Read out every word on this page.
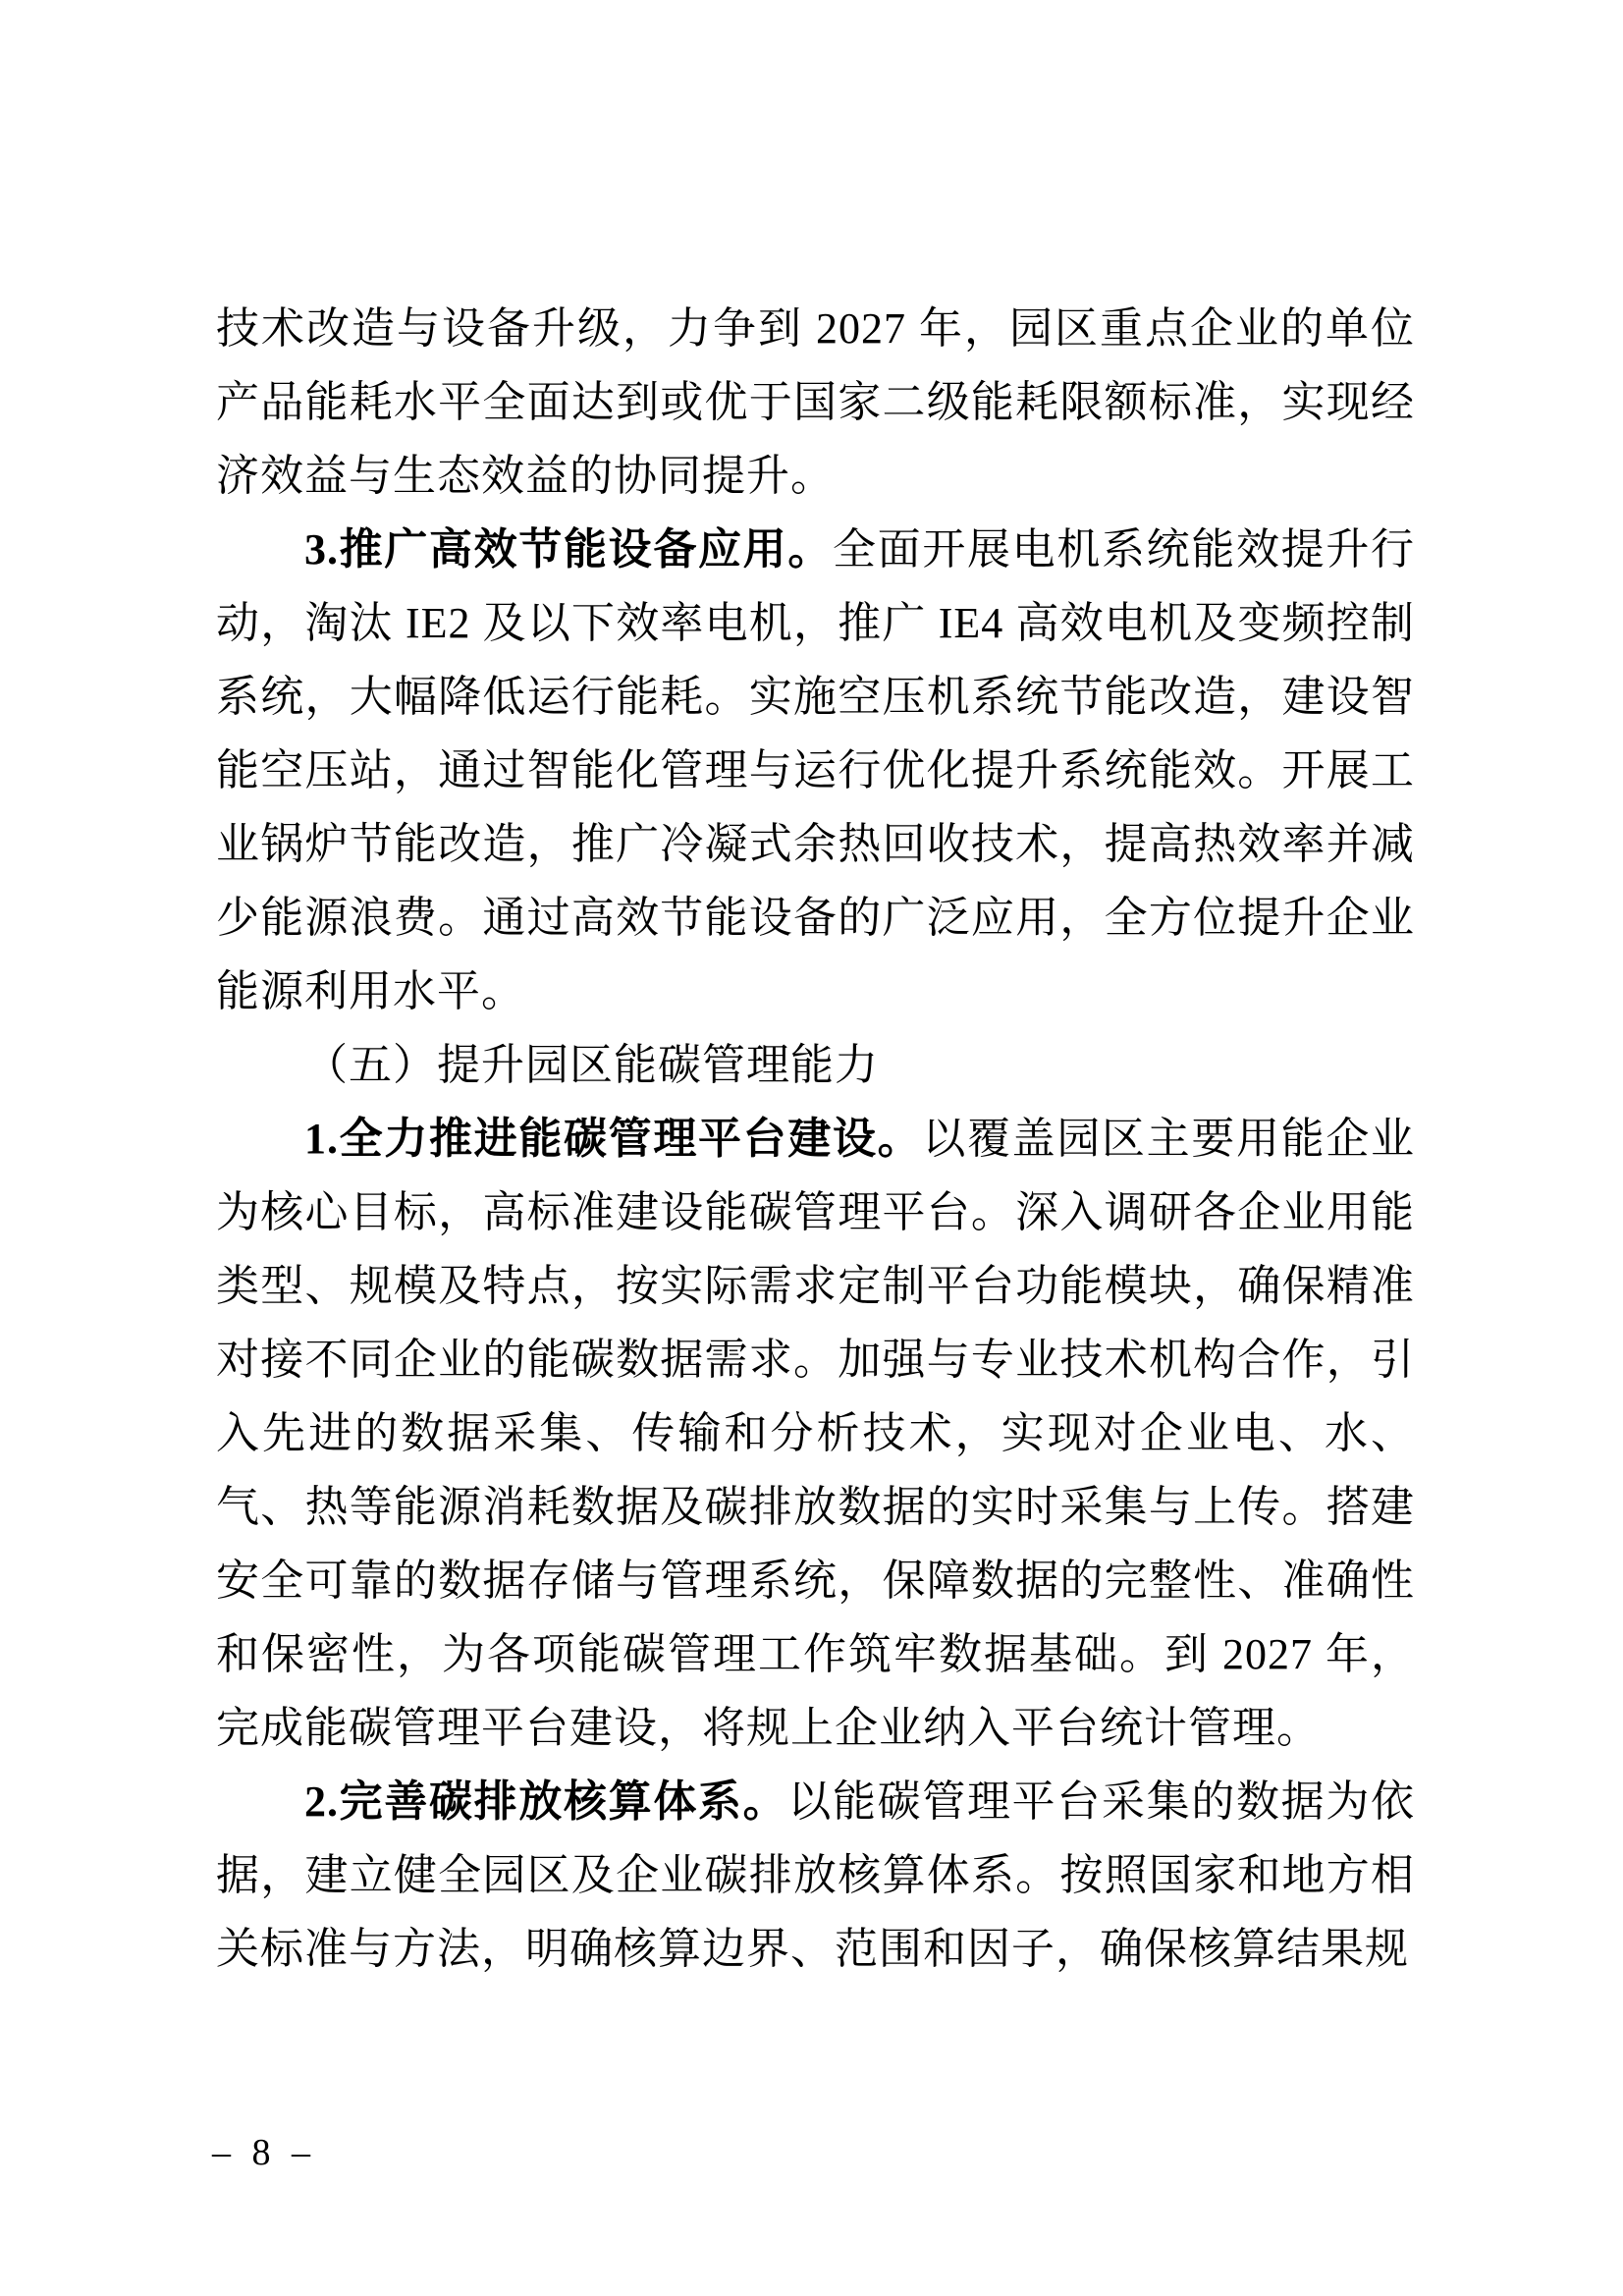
技术改造与设备升级，力争到 2027 年，园区重点企业的单位产品能耗水平全面达到或优于国家二级能耗限额标准，实现经济效益与生态效益的协同提升。

3.推广高效节能设备应用。全面开展电机系统能效提升行动，淘汰 IE2 及以下效率电机，推广 IE4 高效电机及变频控制系统，大幅降低运行能耗。实施空压机系统节能改造，建设智能空压站，通过智能化管理与运行优化提升系统能效。开展工业锅炉节能改造，推广冷凝式余热回收技术，提高热效率并减少能源浪费。通过高效节能设备的广泛应用，全方位提升企业能源利用水平。

（五）提升园区能碳管理能力

1.全力推进能碳管理平台建设。以覆盖园区主要用能企业为核心目标，高标准建设能碳管理平台。深入调研各企业用能类型、规模及特点，按实际需求定制平台功能模块，确保精准对接不同企业的能碳数据需求。加强与专业技术机构合作，引入先进的数据采集、传输和分析技术，实现对企业电、水、气、热等能源消耗数据及碳排放数据的实时采集与上传。搭建安全可靠的数据存储与管理系统，保障数据的完整性、准确性和保密性，为各项能碳管理工作筑牢数据基础。到 2027 年，完成能碳管理平台建设，将规上企业纳入平台统计管理。

2.完善碳排放核算体系。以能碳管理平台采集的数据为依据，建立健全园区及企业碳排放核算体系。按照国家和地方相关标准与方法，明确核算边界、范围和因子，确保核算结果规

– 8 –
